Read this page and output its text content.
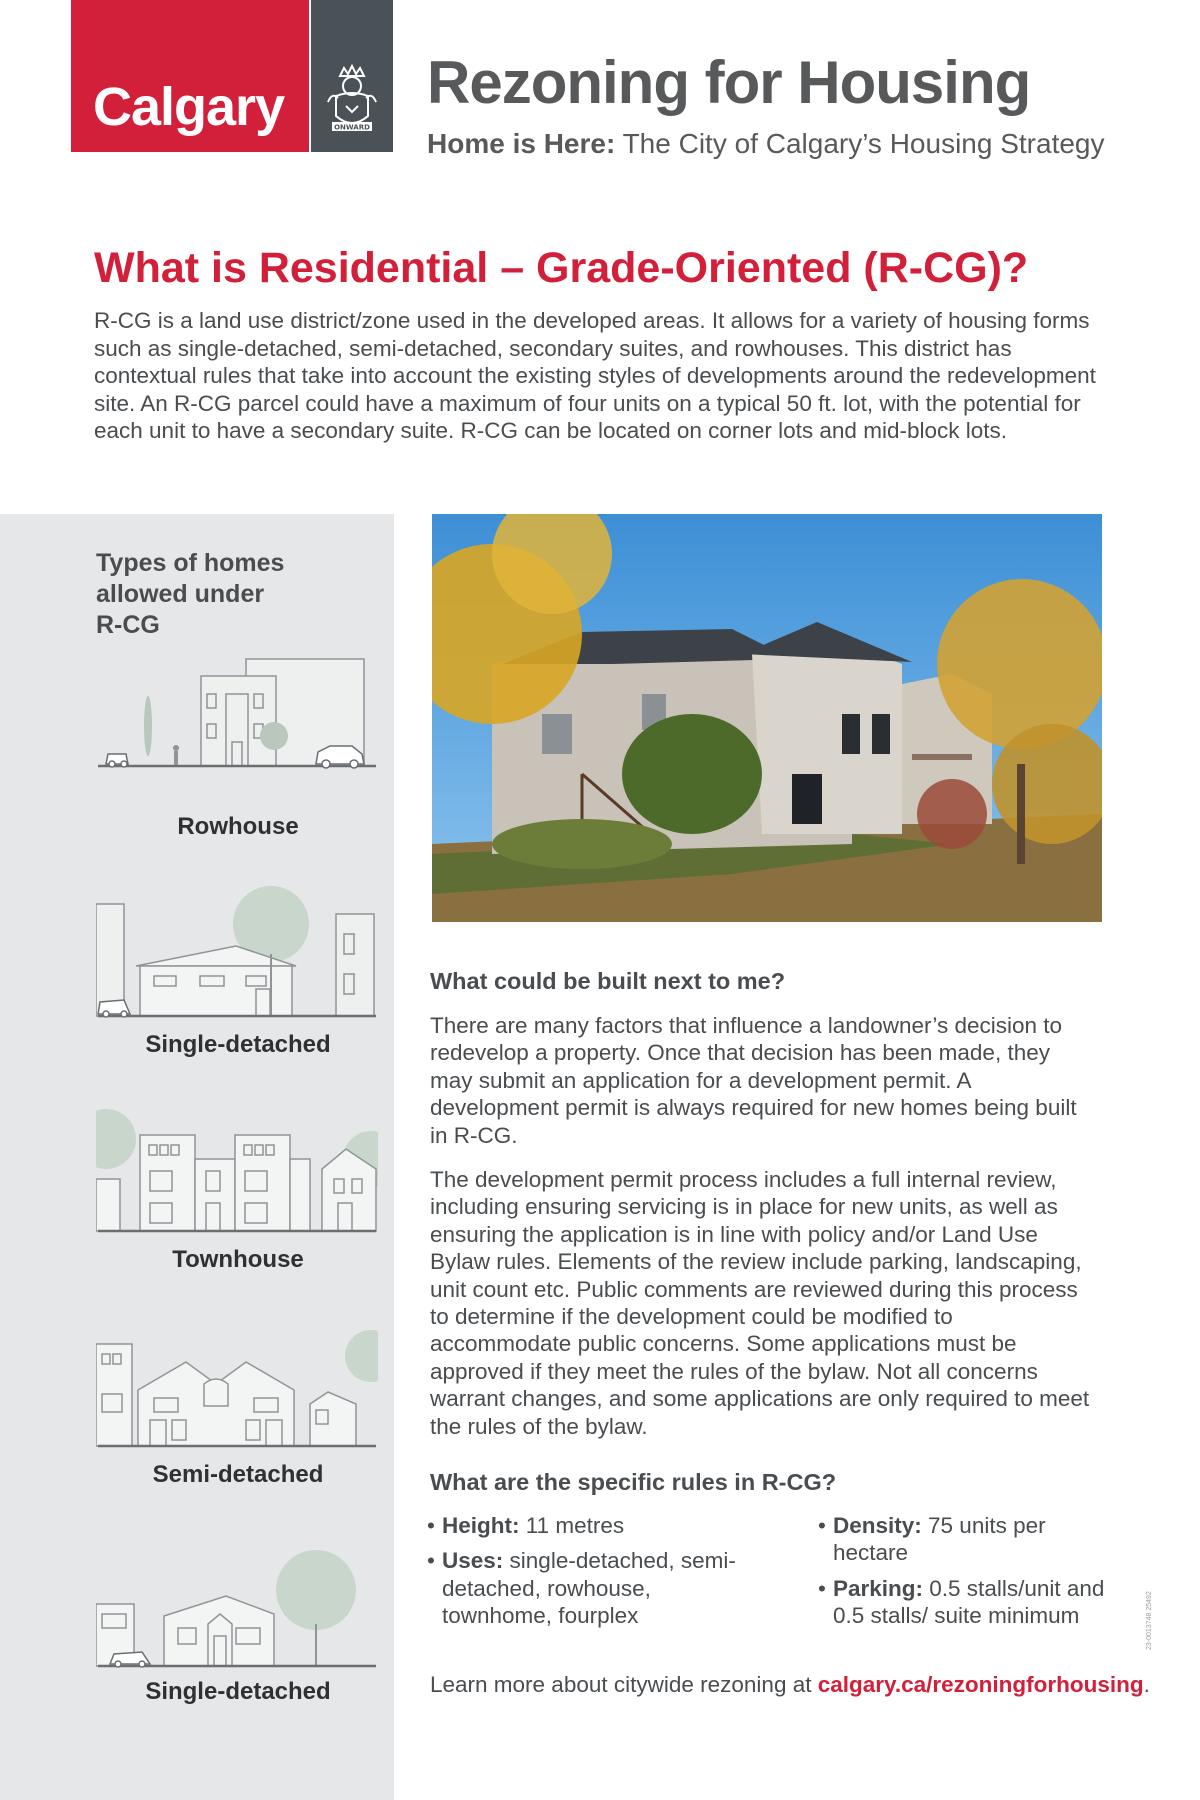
Calgary	ONWARD
Rezoning for Housing
Home is Here: The City of Calgary’s Housing Strategy
What is Residential – Grade-Oriented (R-CG)?
R-CG is a land use district/zone used in the developed areas. It allows for a variety of housing forms such as single-detached, semi-detached, secondary suites, and rowhouses. This district has contextual rules that take into account the existing styles of developments around the redevelopment site. An R-CG parcel could have a maximum of four units on a typical 50 ft. lot, with the potential for each unit to have a secondary suite. R-CG can be located on corner lots and mid-block lots.
Types of homes allowed under R-CG
Rowhouse
Single-detached
Townhouse
Semi-detached
Single-detached
What could be built next to me?
There are many factors that influence a landowner’s decision to redevelop a property. Once that decision has been made, they may submit an application for a development permit. A development permit is always required for new homes being built in R-CG.
The development permit process includes a full internal review, including ensuring servicing is in place for new units, as well as ensuring the application is in line with policy and/or Land Use Bylaw rules. Elements of the review include parking, landscaping, unit count etc. Public comments are reviewed during this process to determine if the development could be modified to accommodate public concerns. Some applications must be approved if they meet the rules of the bylaw. Not all concerns warrant changes, and some applications are only required to meet the rules of the bylaw.
What are the specific rules in R-CG?
• Height: 11 metres
• Uses: single-detached, semi-detached, rowhouse, townhome, fourplex
• Density: 75 units per hectare
• Parking: 0.5 stalls/unit and 0.5 stalls/ suite minimum
Learn more about citywide rezoning at calgary.ca/rezoningforhousing.
23-0013748 25492
